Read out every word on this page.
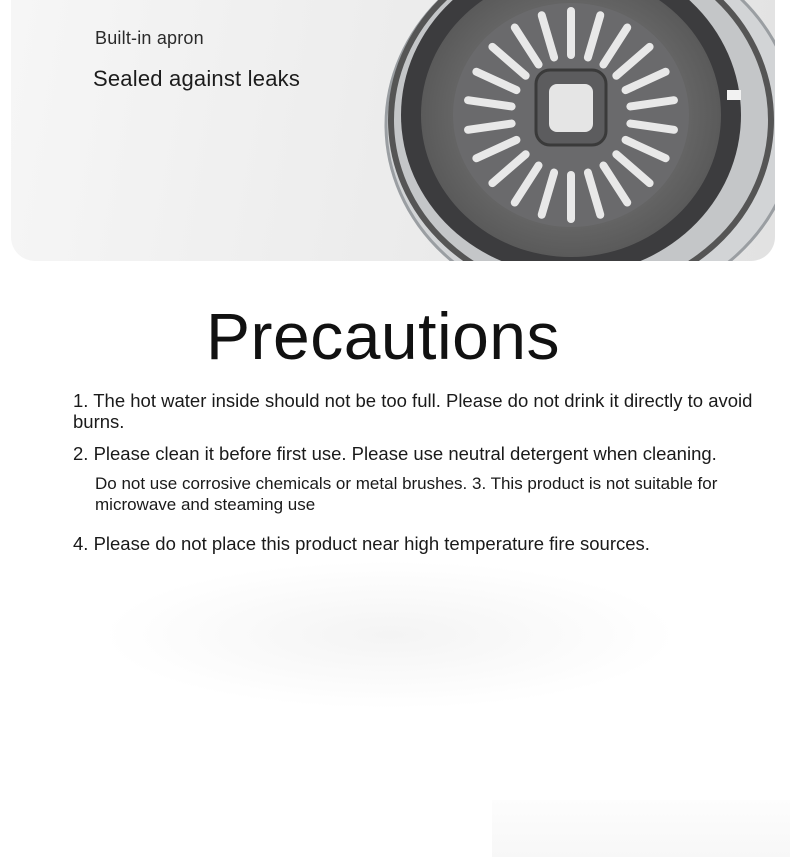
Built-in apron
Sealed against leaks
Precautions

1. The hot water inside should not be too full. Please do not drink it directly to avoid burns.

2. Please clean it before first use. Please use neutral detergent when cleaning.

Do not use corrosive chemicals or metal brushes. 3. This product is not suitable for microwave and steaming use

4. Please do not place this product near high temperature fire sources.
